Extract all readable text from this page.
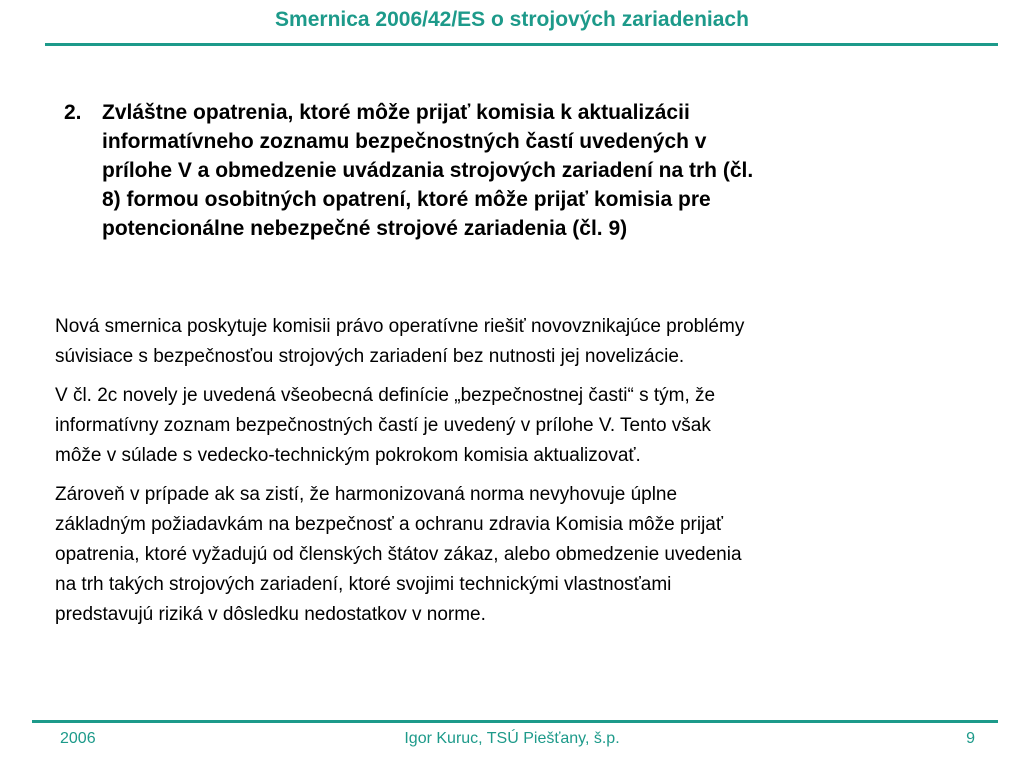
Smernica 2006/42/ES o strojových zariadeniach
2. Zvláštne opatrenia, ktoré môže prijať komisia k aktualizácii
informatívneho zoznamu bezpečnostných častí uvedených v
prílohe V a obmedzenie uvádzania strojových zariadení na trh (čl.
8) formou osobitných opatrení, ktoré môže prijať komisia pre
potencionálne nebezpečné strojové zariadenia (čl. 9)

Nová smernica poskytuje komisii právo operatívne riešiť novovznikajúce problémy
súvisiace s bezpečnosťou strojových zariadení bez nutnosti jej novelizácie.

V čl. 2c novely je uvedená všeobecná definície „bezpečnostnej časti“ s tým, že
informatívny zoznam bezpečnostných častí je uvedený v prílohe V. Tento však
môže v súlade s vedecko-technickým pokrokom komisia aktualizovať.

Zároveň v prípade ak sa zistí, že harmonizovaná norma nevyhovuje úplne
základným požiadavkám na bezpečnosť a ochranu zdravia Komisia môže prijať
opatrenia, ktoré vyžadujú od členských štátov zákaz, alebo obmedzenie uvedenia
na trh takých strojových zariadení, ktoré svojimi technickými vlastnosťami
predstavujú riziká v dôsledku nedostatkov v norme.

2006	Igor Kuruc, TSÚ Piešťany, š.p.	9
